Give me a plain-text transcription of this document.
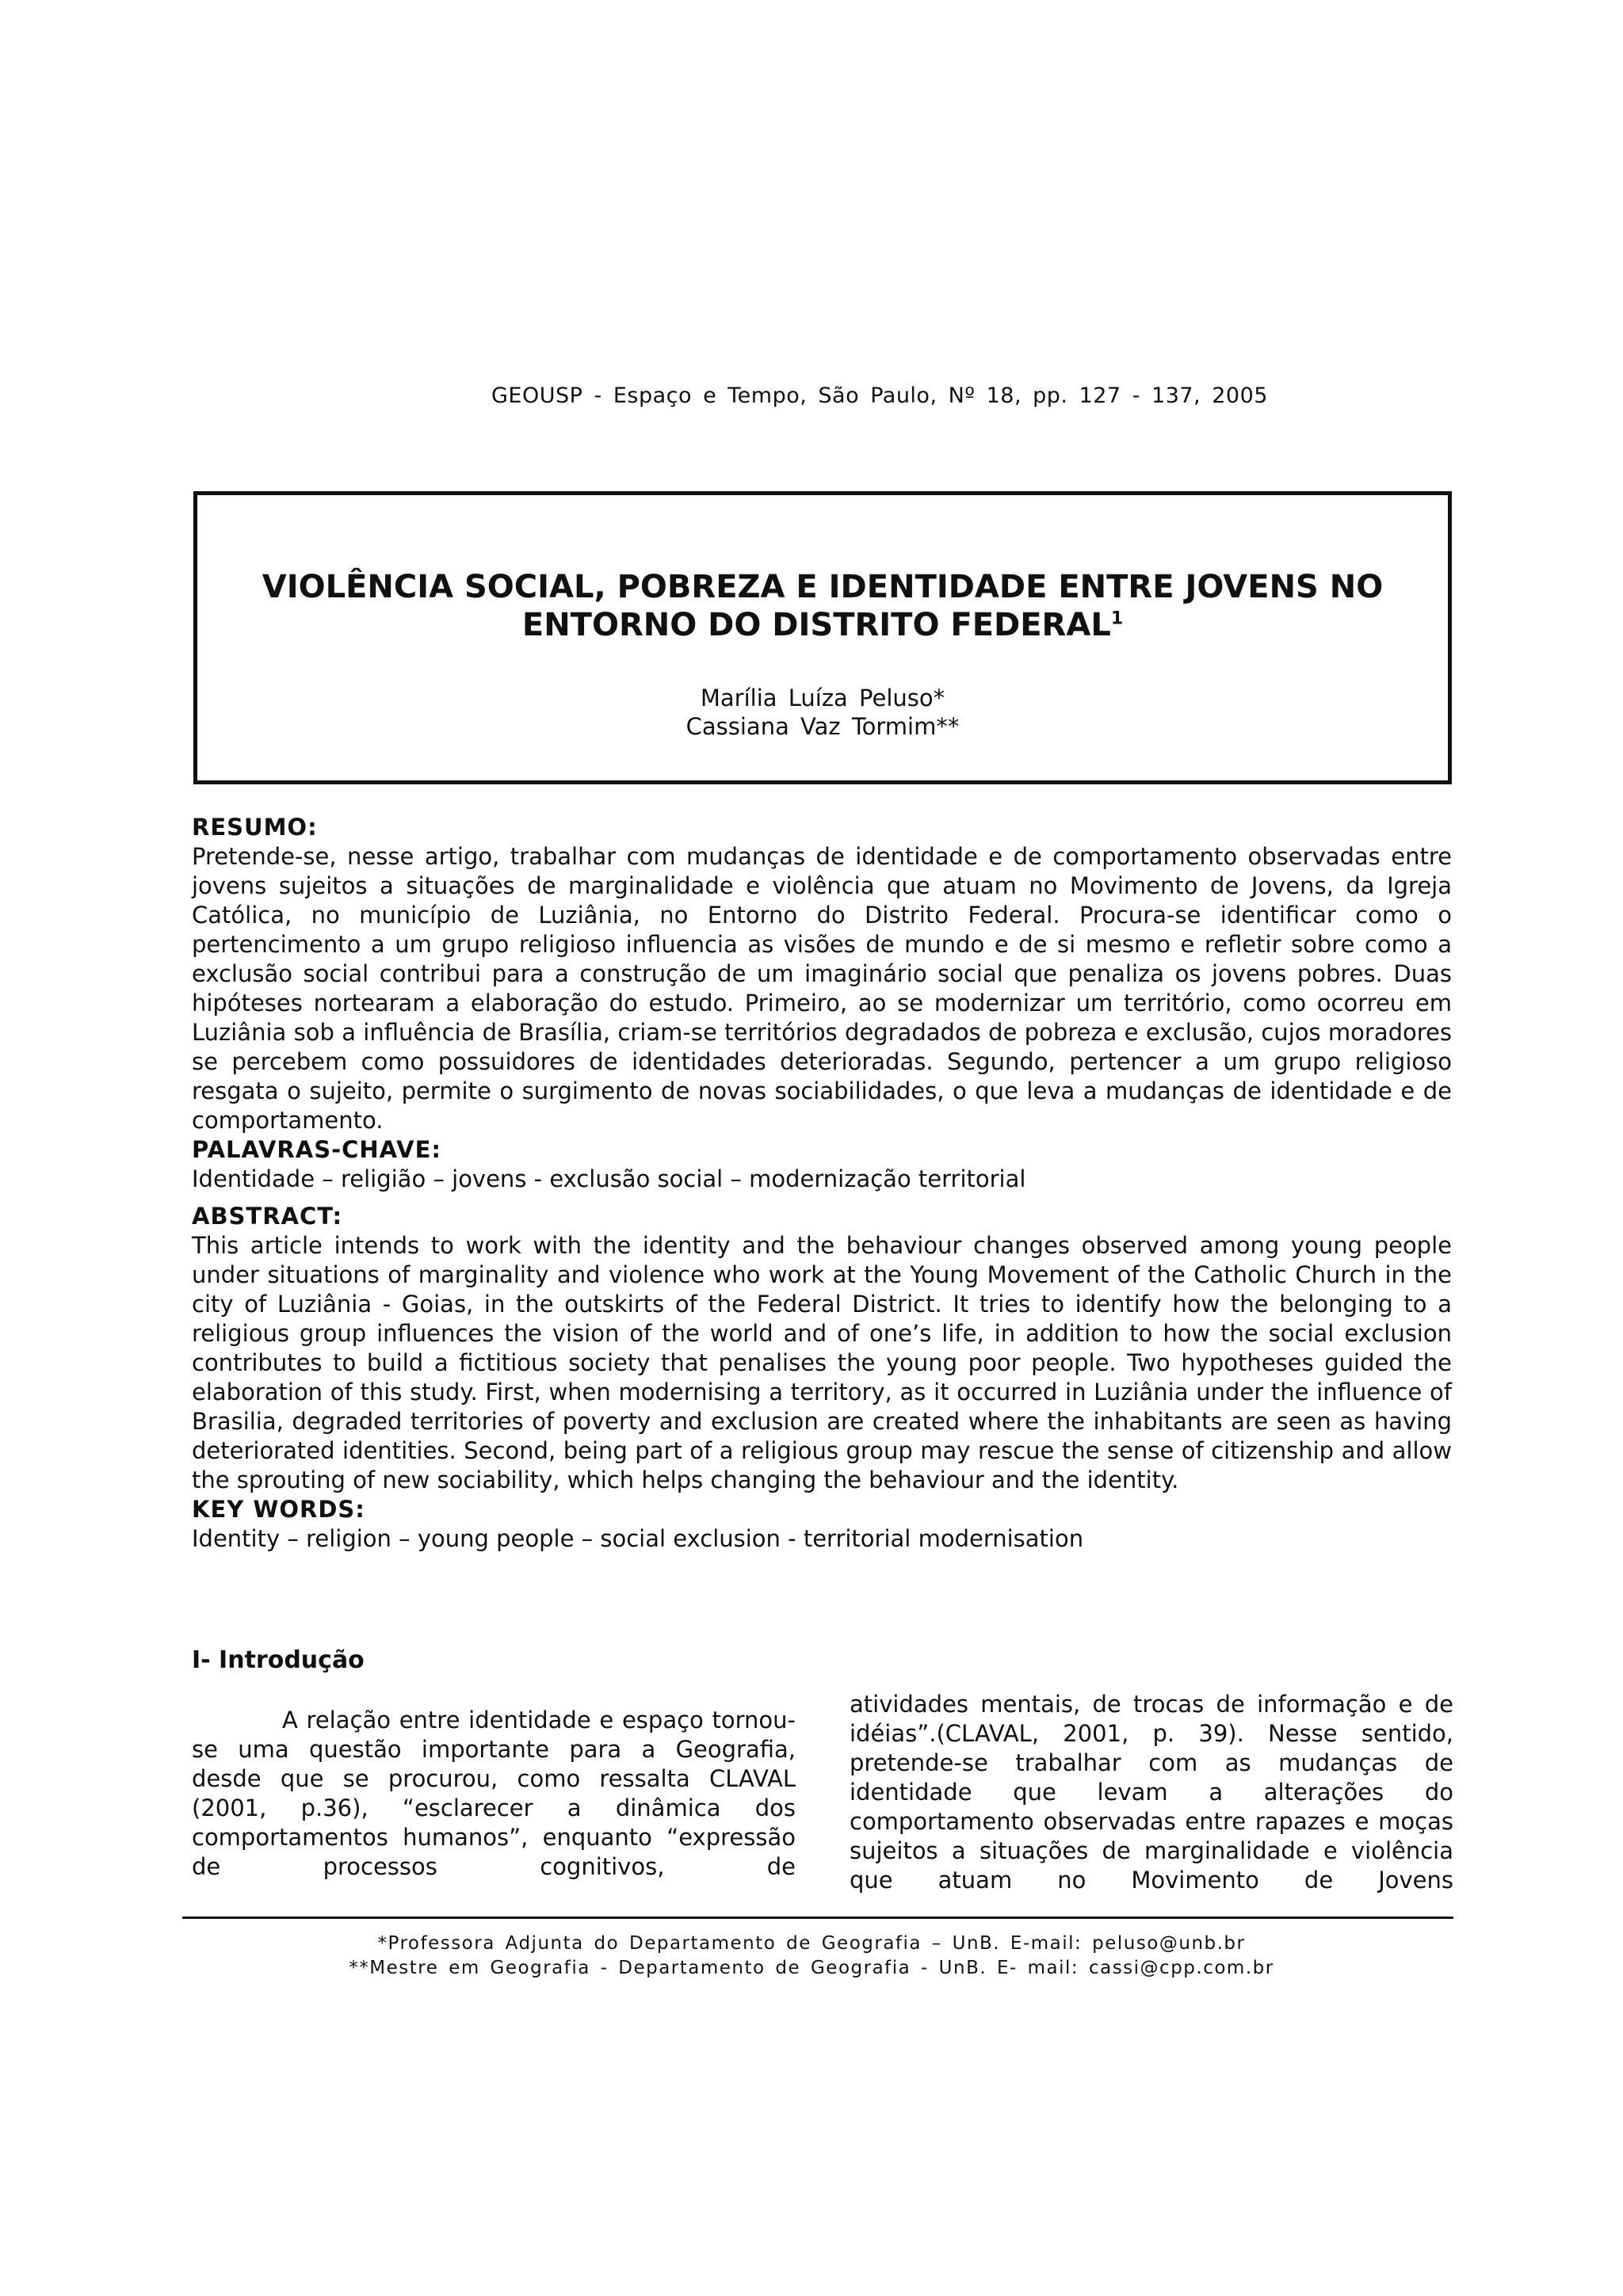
GEOUSP - Espaço e Tempo, São Paulo, Nº 18, pp. 127 - 137, 2005
VIOLÊNCIA SOCIAL, POBREZA E IDENTIDADE ENTRE JOVENS NO
ENTORNO DO DISTRITO FEDERAL$^1$
Marília Luíza Peluso*
Cassiana Vaz Tormim**
RESUMO:
Pretende-se, nesse artigo, trabalhar com mudanças de identidade e de comportamento observadas entre jovens sujeitos a situações de marginalidade e violência que atuam no Movimento de Jovens, da Igreja Católica, no município de Luziânia, no Entorno do Distrito Federal. Procura-se identificar como o pertencimento a um grupo religioso influencia as visões de mundo e de si mesmo e refletir sobre como a exclusão social contribui para a construção de um imaginário social que penaliza os jovens pobres. Duas hipóteses nortearam a elaboração do estudo. Primeiro, ao se modernizar um território, como ocorreu em Luziânia sob a influência de Brasília, criam-se territórios degradados de pobreza e exclusão, cujos moradores se percebem como possuidores de identidades deterioradas. Segundo, pertencer a um grupo religioso resgata o sujeito, permite o surgimento de novas sociabilidades, o que leva a mudanças de identidade e de comportamento.
PALAVRAS-CHAVE:
Identidade – religião – jovens - exclusão social – modernização territorial
ABSTRACT:
This article intends to work with the identity and the behaviour changes observed among young people under situations of marginality and violence who work at the Young Movement of the Catholic Church in the city of Luziânia - Goias, in the outskirts of the Federal District. It tries to identify how the belonging to a religious group influences the vision of the world and of one’s life, in addition to how the social exclusion contributes to build a fictitious society that penalises the young poor people. Two hypotheses guided the elaboration of this study. First, when modernising a territory, as it occurred in Luziânia under the influence of Brasilia, degraded territories of poverty and exclusion are created where the inhabitants are seen as having deteriorated identities. Second, being part of a religious group may rescue the sense of citizenship and allow the sprouting of new sociability, which helps changing the behaviour and the identity.
KEY WORDS:
Identity – religion – young people – social exclusion - territorial modernisation
I- Introdução
A relação entre identidade e espaço tornou-se uma questão importante para a Geografia, desde que se procurou, como ressalta CLAVAL (2001, p.36), “esclarecer a dinâmica dos comportamentos humanos”, enquanto “expressão de processos cognitivos, de
atividades mentais, de trocas de informação e de idéias”.(CLAVAL, 2001, p. 39). Nesse sentido, pretende-se trabalhar com as mudanças de identidade que levam a alterações do comportamento observadas entre rapazes e moças sujeitos a situações de marginalidade e violência que atuam no Movimento de Jovens
*Professora Adjunta do Departamento de Geografia – UnB. E-mail: peluso@unb.br
**Mestre em Geografia - Departamento de Geografia - UnB. E- mail: cassi@cpp.com.br
